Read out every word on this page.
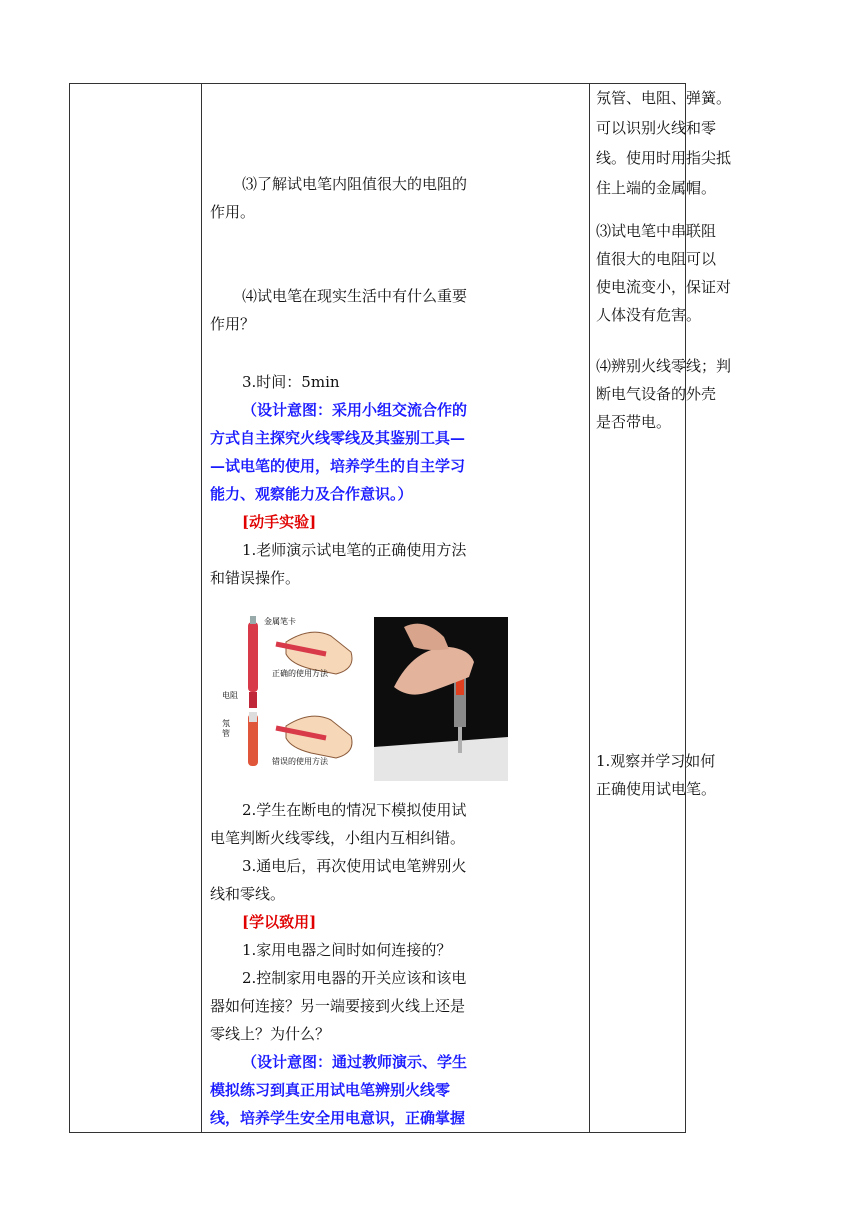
⑶了解试电笔内阻值很大的电阻的
作用。
⑷试电笔在现实生活中有什么重要
作用？
3.时间：5min
（设计意图：采用小组交流合作的
方式自主探究火线零线及其鉴别工具—
—试电笔的使用，培养学生的自主学习
能力、观察能力及合作意识。）
[动手实验]
1.老师演示试电笔的正确使用方法
和错误操作。
金属笔卡
正确的使用方法
电阻
氖
管
错误的使用方法
2.学生在断电的情况下模拟使用试
电笔判断火线零线，小组内互相纠错。
3.通电后，再次使用试电笔辨别火
线和零线。
[学以致用]
1.家用电器之间时如何连接的？
2.控制家用电器的开关应该和该电
器如何连接？另一端要接到火线上还是
零线上？为什么？
（设计意图：通过教师演示、学生
模拟练习到真正用试电笔辨别火线零
线，培养学生安全用电意识，正确掌握
氖管、电阻、弹簧。
可以识别火线和零
线。使用时用指尖抵
住上端的金属帽。
⑶试电笔中串联阻
值很大的电阻可以
使电流变小，保证对
人体没有危害。
⑷辨别火线零线；判
断电气设备的外壳
是否带电。
1.观察并学习如何
正确使用试电笔。
